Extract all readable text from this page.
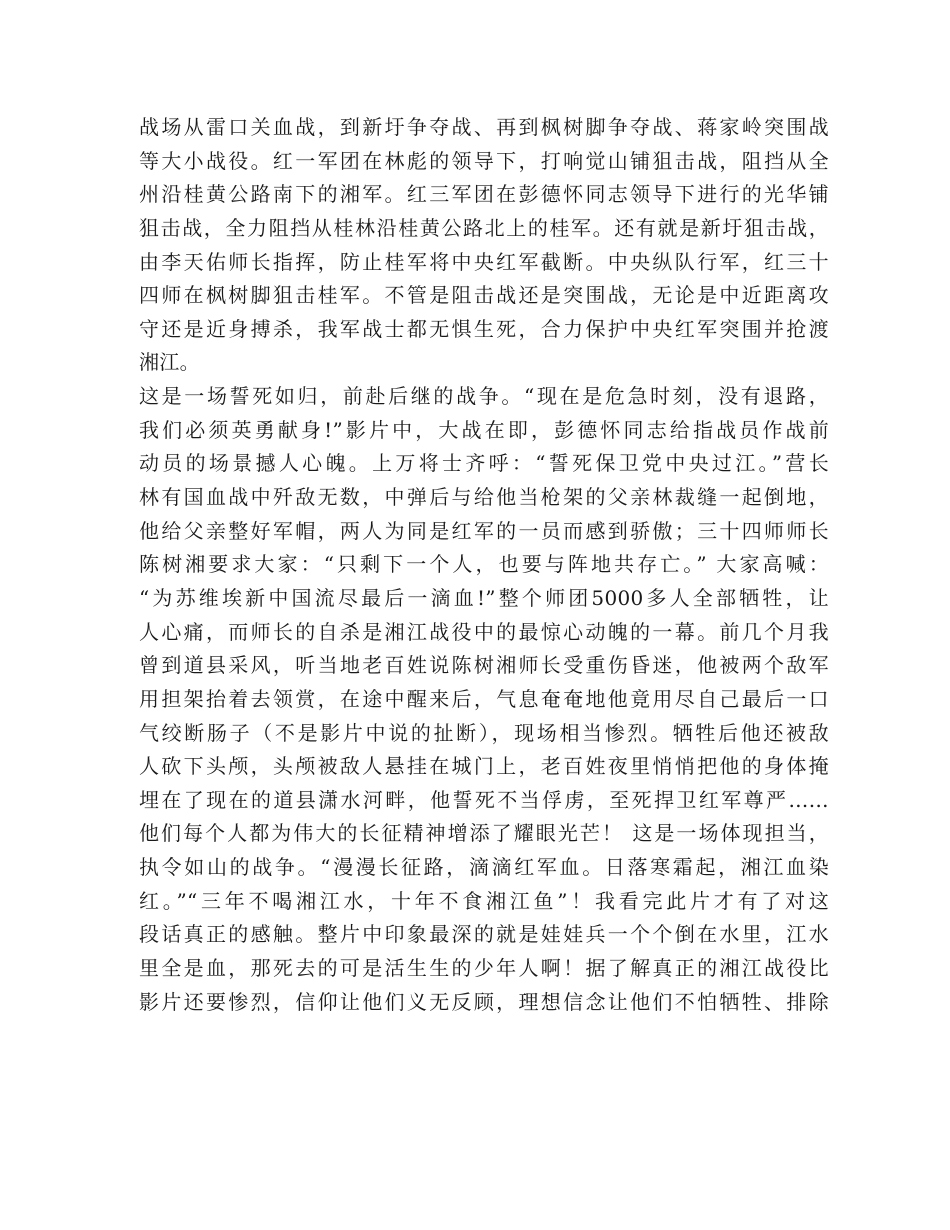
战场从雷口关血战，到新圩争夺战、再到枫树脚争夺战、蒋家岭突围战
等大小战役。红一军团在林彪的领导下，打响觉山铺狙击战，阻挡从全
州沿桂黄公路南下的湘军。红三军团在彭德怀同志领导下进行的光华铺
狙击战，全力阻挡从桂林沿桂黄公路北上的桂军。还有就是新圩狙击战，
由李天佑师长指挥，防止桂军将中央红军截断。中央纵队行军，红三十
四师在枫树脚狙击桂军。不管是阻击战还是突围战，无论是中近距离攻
守还是近身搏杀，我军战士都无惧生死，合力保护中央红军突围并抢渡
湘江。
这是一场誓死如归，前赴后继的战争。“现在是危急时刻，没有退路，
我们必须英勇献身!”影片中，大战在即，彭德怀同志给指战员作战前
动员的场景撼人心魄。上万将士齐呼：“誓死保卫党中央过江。”营长
林有国血战中歼敌无数，中弹后与给他当枪架的父亲林裁缝一起倒地，
他给父亲整好军帽，两人为同是红军的一员而感到骄傲；三十四师师长
陈树湘要求大家：“只剩下一个人，也要与阵地共存亡。” 大家高喊：
“为苏维埃新中国流尽最后一滴血!”整个师团5000多人全部牺牲，让
人心痛，而师长的自杀是湘江战役中的最惊心动魄的一幕。前几个月我
曾到道县采风，听当地老百姓说陈树湘师长受重伤昏迷，他被两个敌军
用担架抬着去领赏，在途中醒来后，气息奄奄地他竟用尽自己最后一口
气绞断肠子（不是影片中说的扯断），现场相当惨烈。牺牲后他还被敌
人砍下头颅，头颅被敌人悬挂在城门上，老百姓夜里悄悄把他的身体掩
埋在了现在的道县潇水河畔，他誓死不当俘虏，至死捍卫红军尊严……
他们每个人都为伟大的长征精神增添了耀眼光芒！ 这是一场体现担当，
执令如山的战争。“漫漫长征路，滴滴红军血。日落寒霜起，湘江血染
红。”“三年不喝湘江水，十年不食湘江鱼”！我看完此片才有了对这
段话真正的感触。整片中印象最深的就是娃娃兵一个个倒在水里，江水
里全是血，那死去的可是活生生的少年人啊！据了解真正的湘江战役比
影片还要惨烈，信仰让他们义无反顾，理想信念让他们不怕牺牲、排除
